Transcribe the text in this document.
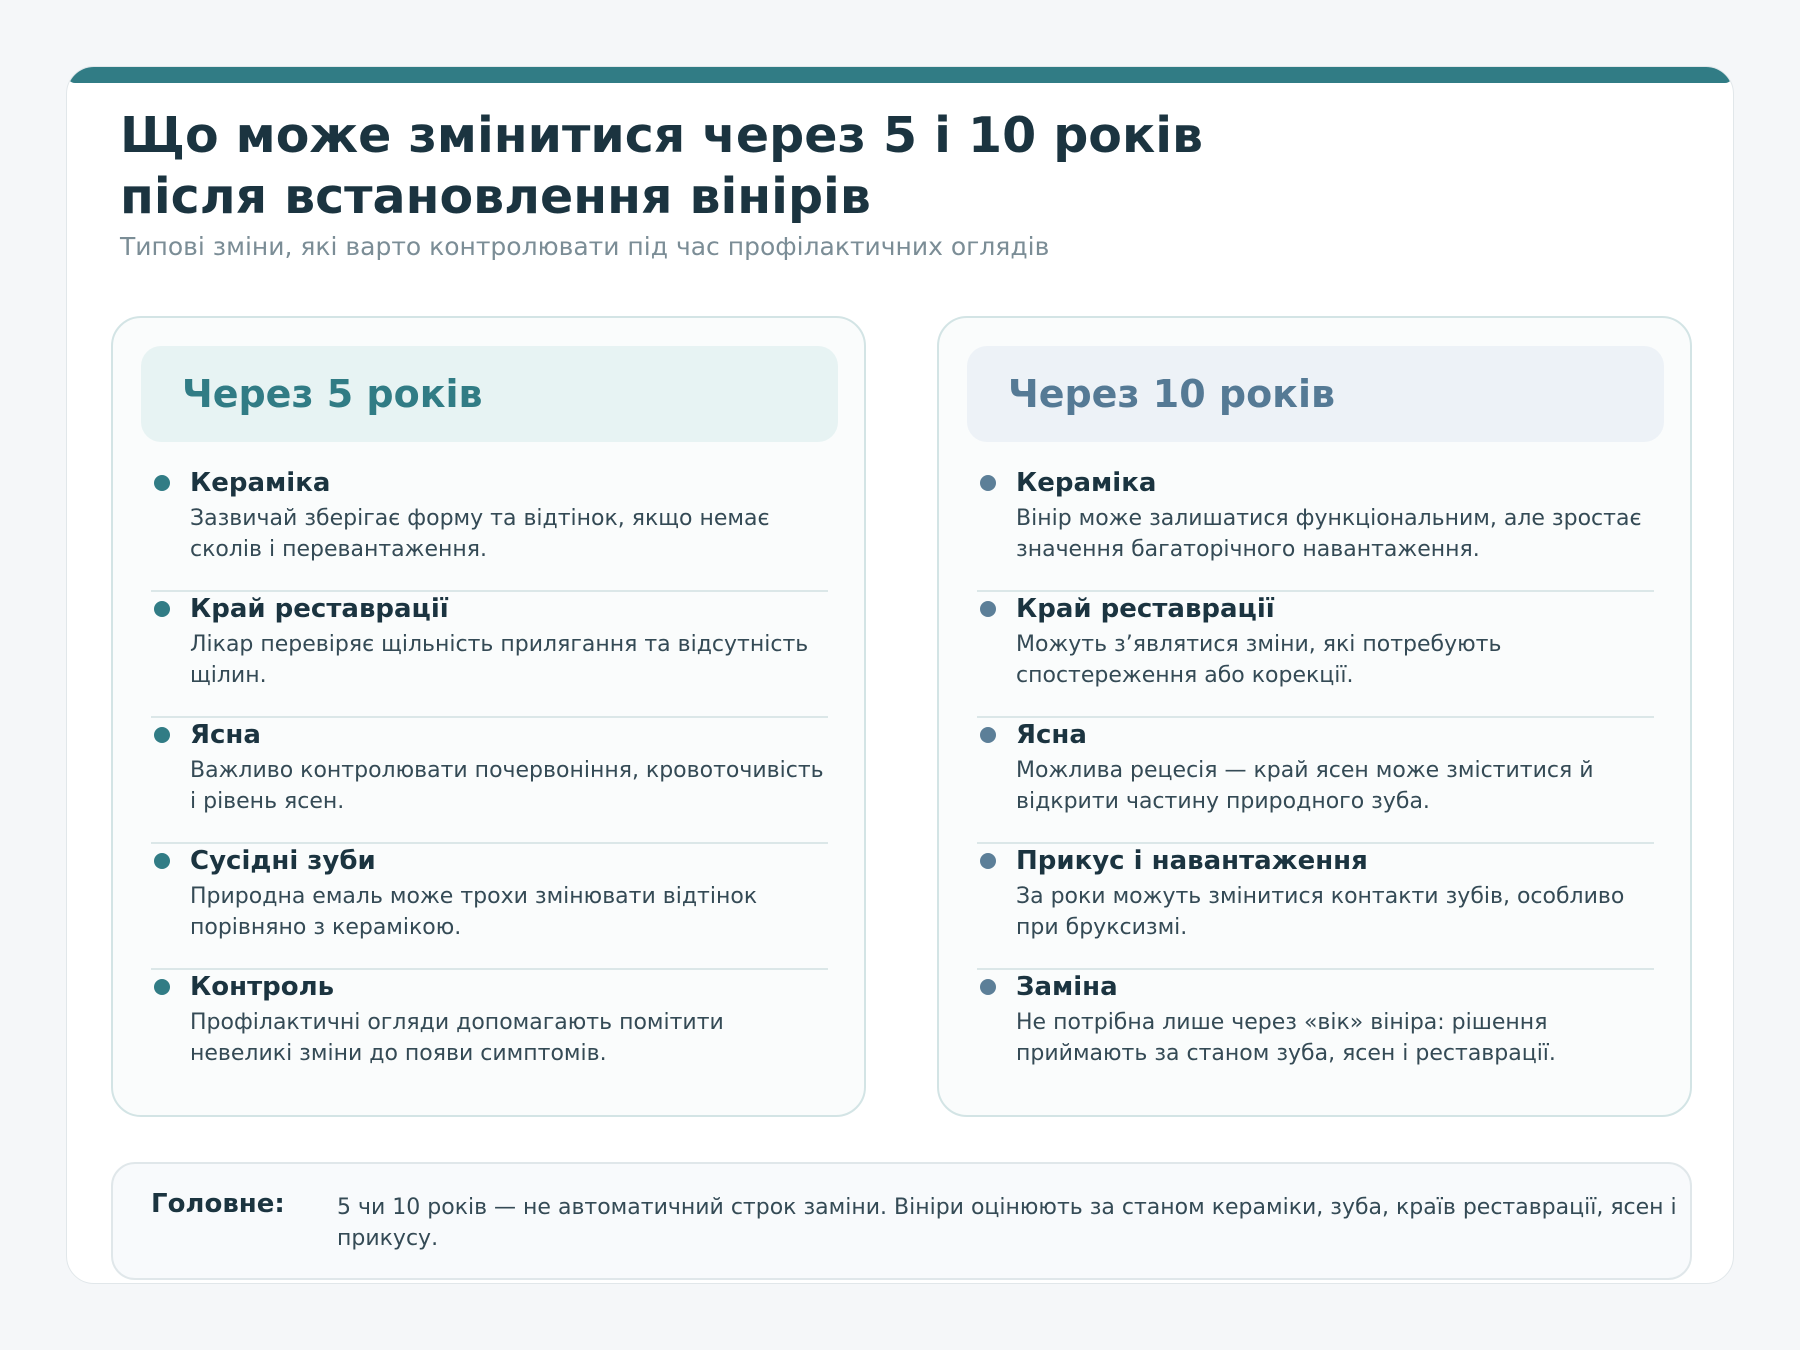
Що може змінитися через 5 і 10 років
після встановлення вінірів

Типові зміни, які варто контролювати під час профілактичних оглядів

Через 5 років
Кераміка
Зазвичай зберігає форму та відтінок, якщо немає сколів і перевантаження.
Край реставрації
Лікар перевіряє щільність прилягання та відсутність щілин.
Ясна
Важливо контролювати почервоніння, кровоточивість і рівень ясен.
Сусідні зуби
Природна емаль може трохи змінювати відтінок порівняно з керамікою.
Контроль
Профілактичні огляди допомагають помітити невеликі зміни до появи симптомів.
Через 10 років
Кераміка
Вінір може залишатися функціональним, але зростає значення багаторічного навантаження.
Край реставрації
Можуть з’являтися зміни, які потребують спостереження або корекції.
Ясна
Можлива рецесія — край ясен може зміститися й відкрити частину природного зуба.
Прикус і навантаження
За роки можуть змінитися контакти зубів, особливо при бруксизмі.
Заміна
Не потрібна лише через «вік» вініра: рішення приймають за станом зуба, ясен і реставрації.
Головне: 5 чи 10 років — не автоматичний строк заміни. Вініри оцінюють за станом кераміки, зуба, країв реставрації, ясен і прикусу.
